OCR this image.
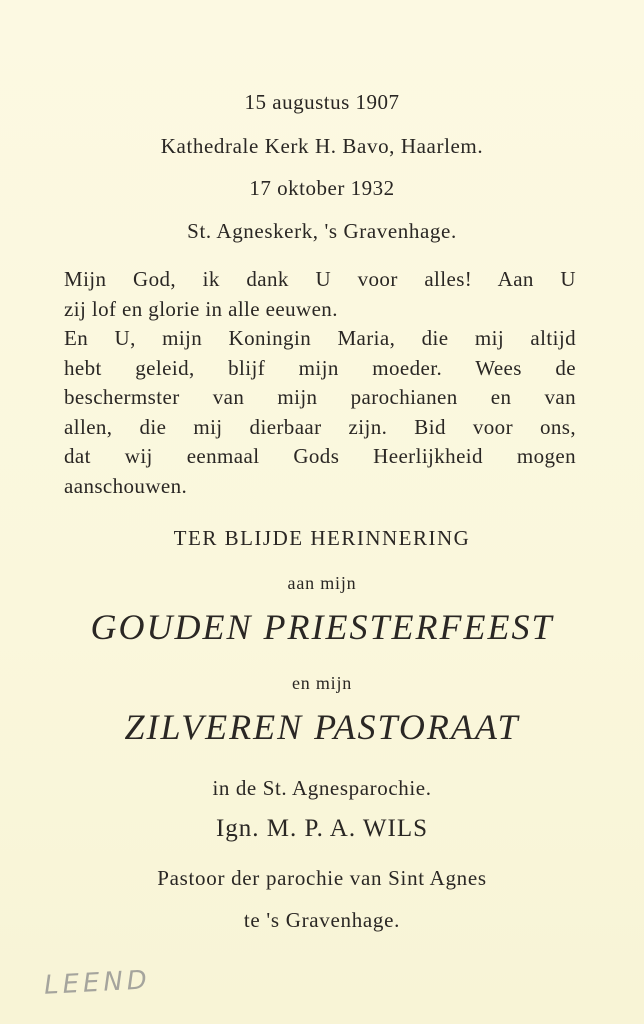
15 augustus 1907
Kathedrale Kerk H. Bavo, Haarlem.
17 oktober 1932
St. Agneskerk, 's Gravenhage.
Mijn God, ik dank U voor alles! Aan U
zij lof en glorie in alle eeuwen.
En U, mijn Koningin Maria, die mij altijd
hebt geleid, blijf mijn moeder. Wees de
beschermster van mijn parochianen en van
allen, die mij dierbaar zijn. Bid voor ons,
dat wij eenmaal Gods Heerlijkheid mogen
aanschouwen.
TER BLIJDE HERINNERING
aan mijn
GOUDEN PRIESTERFEEST
en mijn
ZILVEREN PASTORAAT
in de St. Agnesparochie.
Ign. M. P. A. WILS
Pastoor der parochie van Sint Agnes
te 's Gravenhage.
LEEND
